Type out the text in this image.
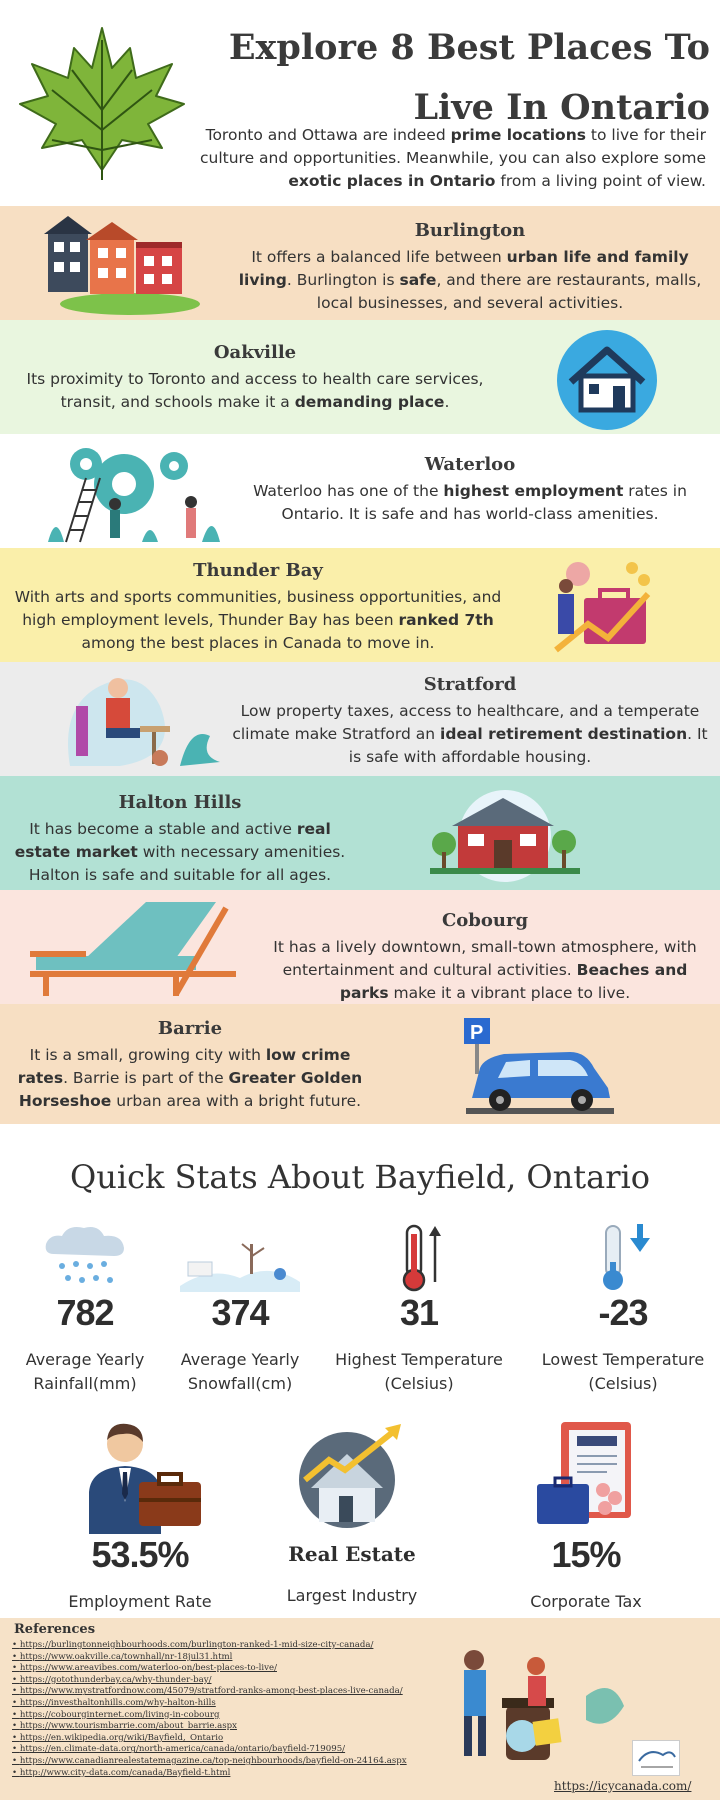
Explore 8 Best Places To
Live In Ontario
Toronto and Ottawa are indeed prime locations to live for their culture and opportunities. Meanwhile, you can also explore some exotic places in Ontario from a living point of view.
Burlington
It offers a balanced life between urban life and family living. Burlington is safe, and there are restaurants, malls, local businesses, and several activities.
Oakville
Its proximity to Toronto and access to health care services, transit, and schools make it a demanding place.
Waterloo
Waterloo has one of the highest employment rates in Ontario. It is safe and has world-class amenities.
Thunder Bay
With arts and sports communities, business opportunities, and high employment levels, Thunder Bay has been ranked 7th among the best places in Canada to move in.
Stratford
Low property taxes, access to healthcare, and a temperate climate make Stratford an ideal retirement destination. It is safe with affordable housing.
Halton Hills
It has become a stable and active real estate market with necessary amenities. Halton is safe and suitable for all ages.
Cobourg
It has a lively downtown, small-town atmosphere, with entertainment and cultural activities. Beaches and parks make it a vibrant place to live.
Barrie
It is a small, growing city with low crime rates. Barrie is part of the Greater Golden Horseshoe urban area with a bright future.
P
Quick Stats About Bayfield, Ontario
782
Average Yearly
Rainfall(mm)
374
Average Yearly
Snowfall(cm)
31
Highest Temperature
(Celsius)
-23
Lowest Temperature
(Celsius)
53.5%
Employment Rate
Real Estate
Largest Industry
15%
Corporate Tax
References
• https://burlingtonneighbourhoods.com/burlington-ranked-1-mid-size-city-canada/
• https://www.oakville.ca/townhall/nr-18jul31.html
• https://www.areavibes.com/waterloo-on/best-places-to-live/
• https://gotothunderbay.ca/why-thunder-bay/
• https://www.mystratfordnow.com/45079/stratford-ranks-among-best-places-live-canada/
• https://investhaltonhills.com/why-halton-hills
• https://cobourginternet.com/living-in-cobourg
• https://www.tourismbarrie.com/about_barrie.aspx
• https://en.wikipedia.org/wiki/Bayfield,_Ontario
• https://en.climate-data.org/north-america/canada/ontario/bayfield-719095/
• https://www.canadianrealestatemagazine.ca/top-neighbourhoods/bayfield-on-24164.aspx
• http://www.city-data.com/canada/Bayfield-t.html
https://icycanada.com/
